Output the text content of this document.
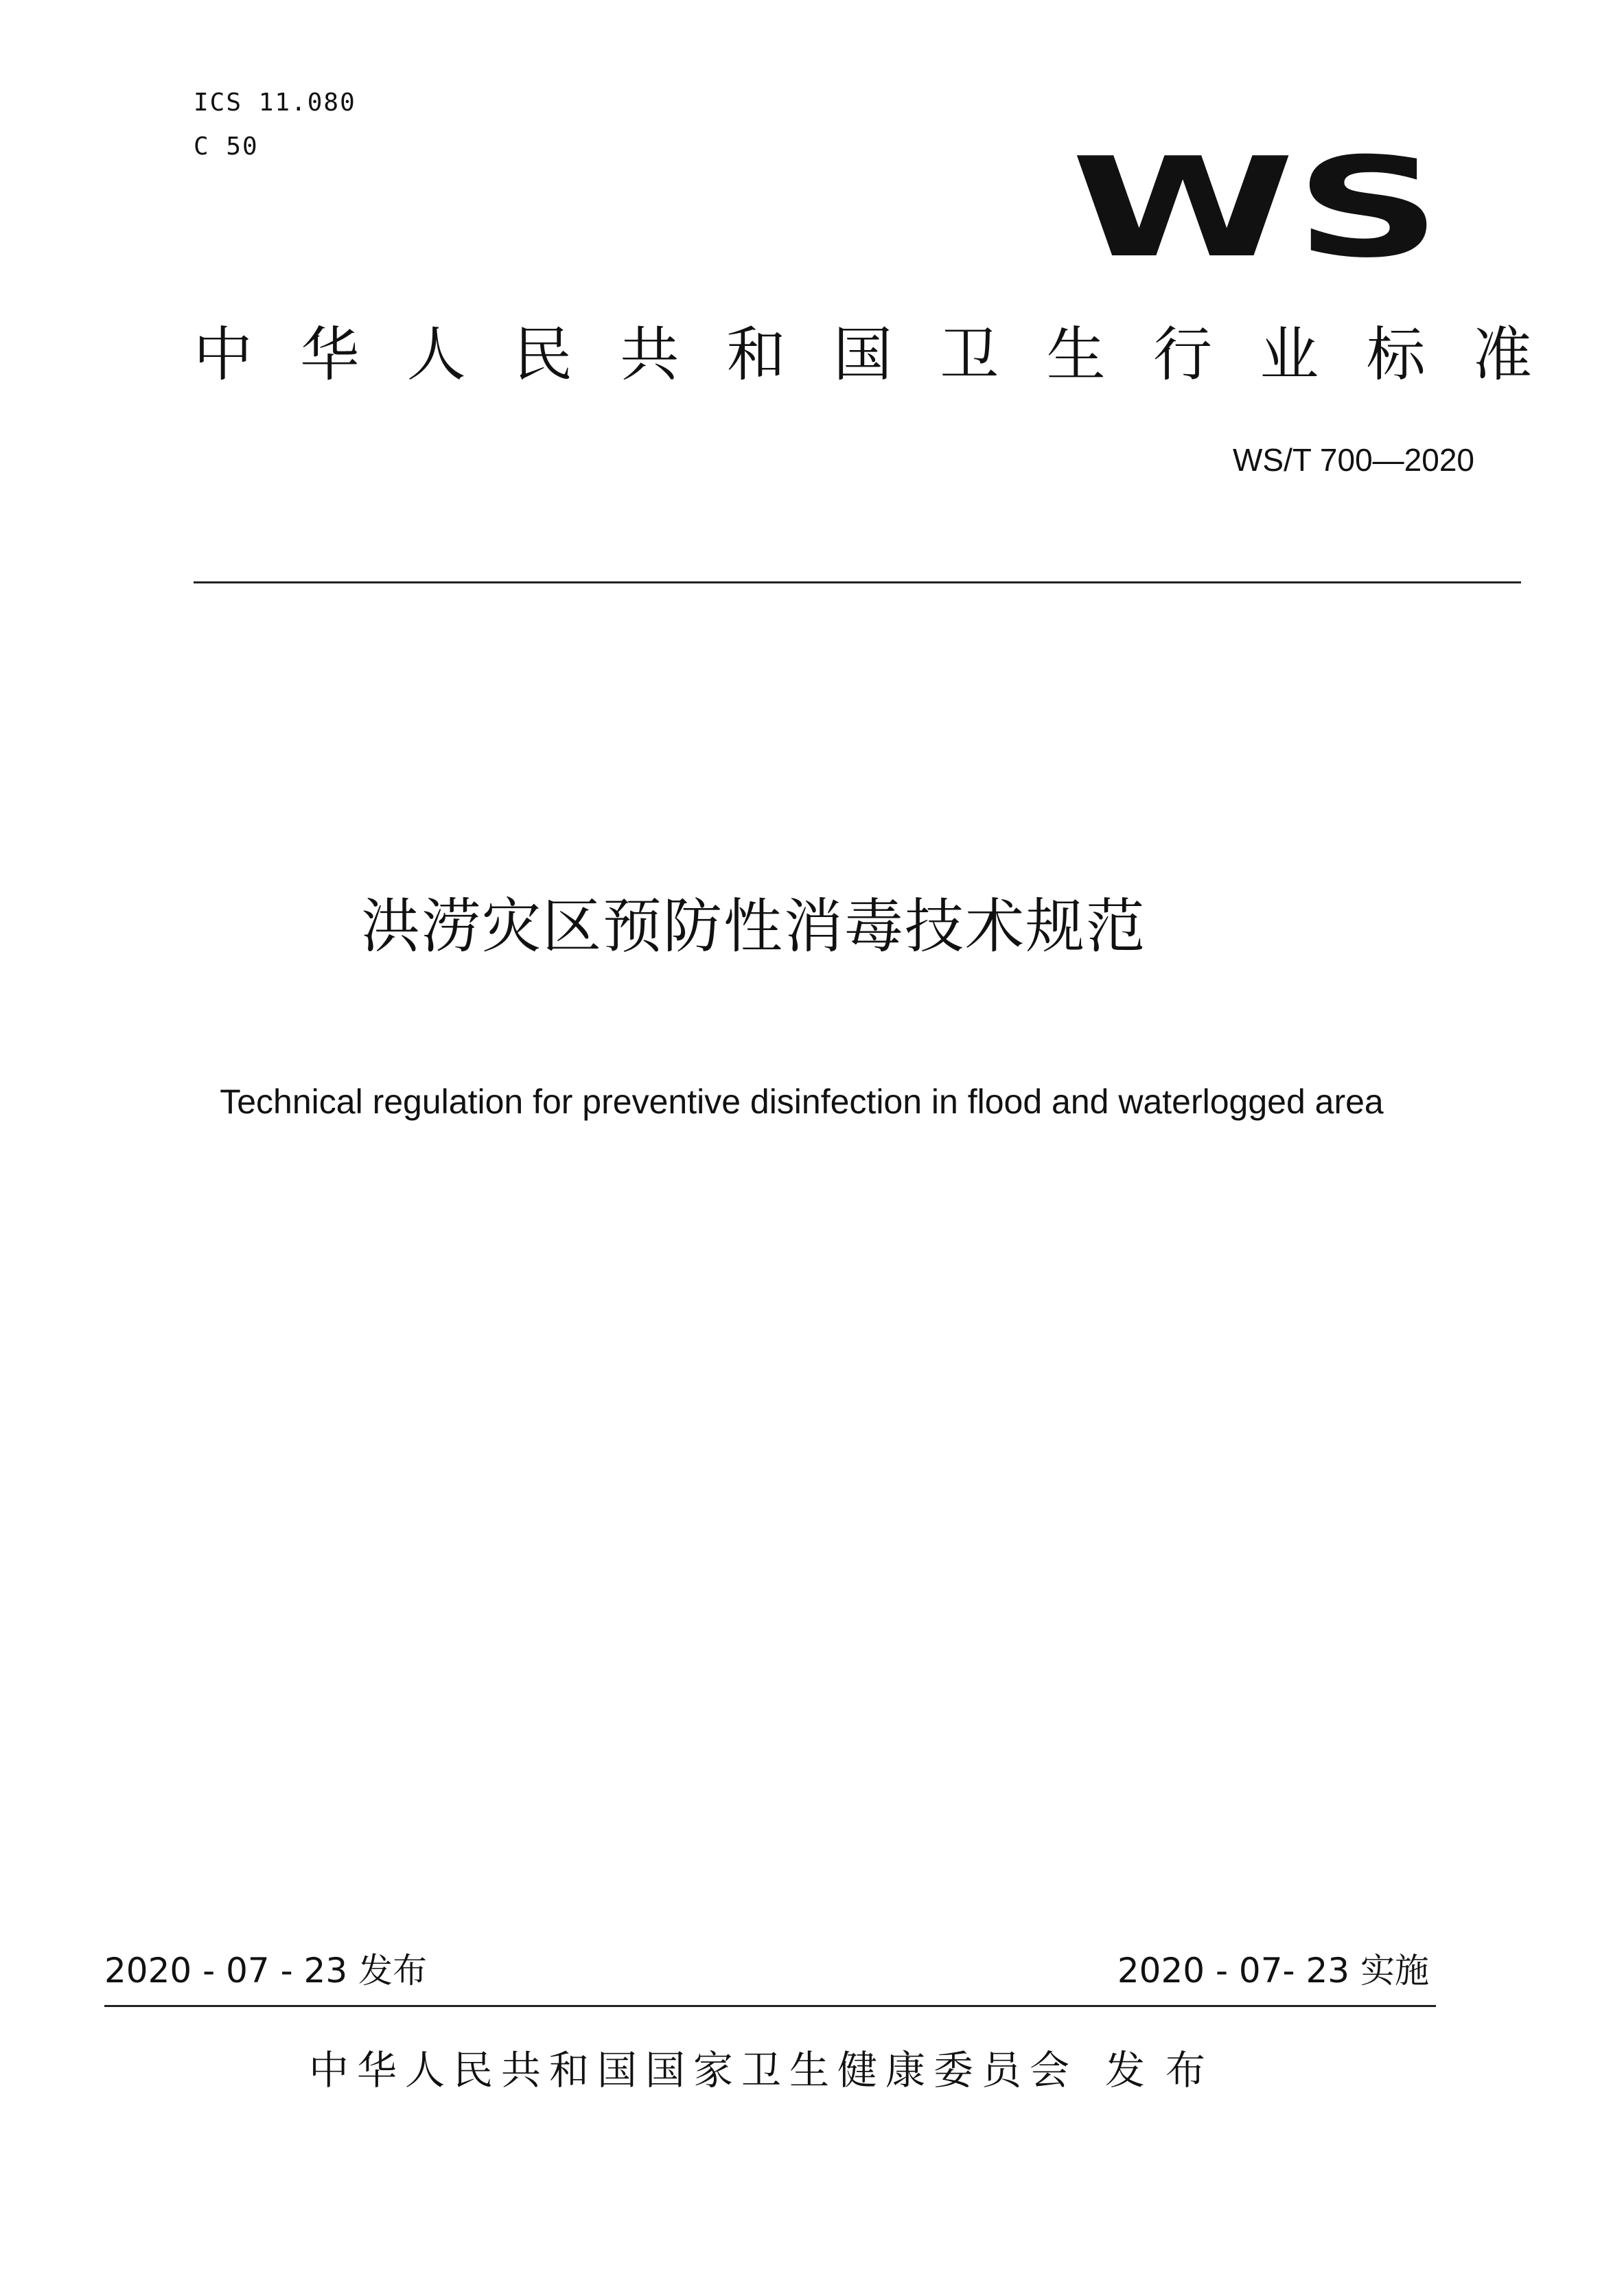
ICS 11.080
C 50	WS
中 华 人 民 共 和 国 卫 生 行 业 标 准
WS/T 700—2020
洪涝灾区预防性消毒技术规范
Technical regulation for preventive disinfection in flood and waterlogged area
2020 - 07 - 23 发布	2020 - 07- 23 实施
中华人民共和国国家卫生健康委员会 发布
